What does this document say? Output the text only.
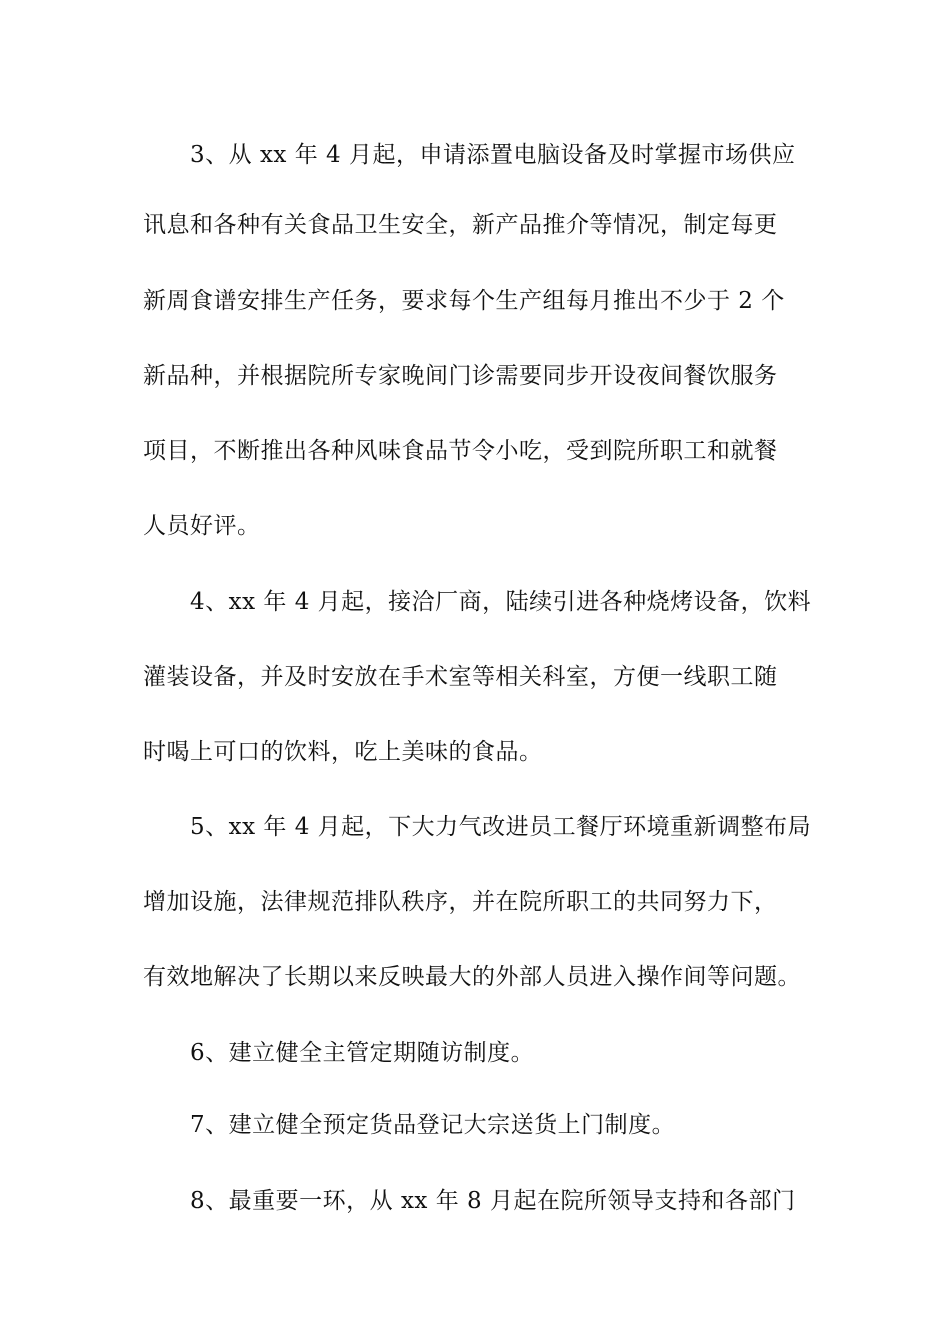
3、从 xx 年 4 月起，申请添置电脑设备及时掌握市场供应
讯息和各种有关食品卫生安全，新产品推介等情况，制定每更
新周食谱安排生产任务，要求每个生产组每月推出不少于 2 个
新品种，并根据院所专家晚间门诊需要同步开设夜间餐饮服务
项目，不断推出各种风味食品节令小吃，受到院所职工和就餐
人员好评。
4、xx 年 4 月起，接洽厂商，陆续引进各种烧烤设备，饮料
灌装设备，并及时安放在手术室等相关科室，方便一线职工随
时喝上可口的饮料，吃上美味的食品。
5、xx 年 4 月起，下大力气改进员工餐厅环境重新调整布局
增加设施，法律规范排队秩序，并在院所职工的共同努力下，
有效地解决了长期以来反映最大的外部人员进入操作间等问题。
6、建立健全主管定期随访制度。
7、建立健全预定货品登记大宗送货上门制度。
8、最重要一环，从 xx 年 8 月起在院所领导支持和各部门
